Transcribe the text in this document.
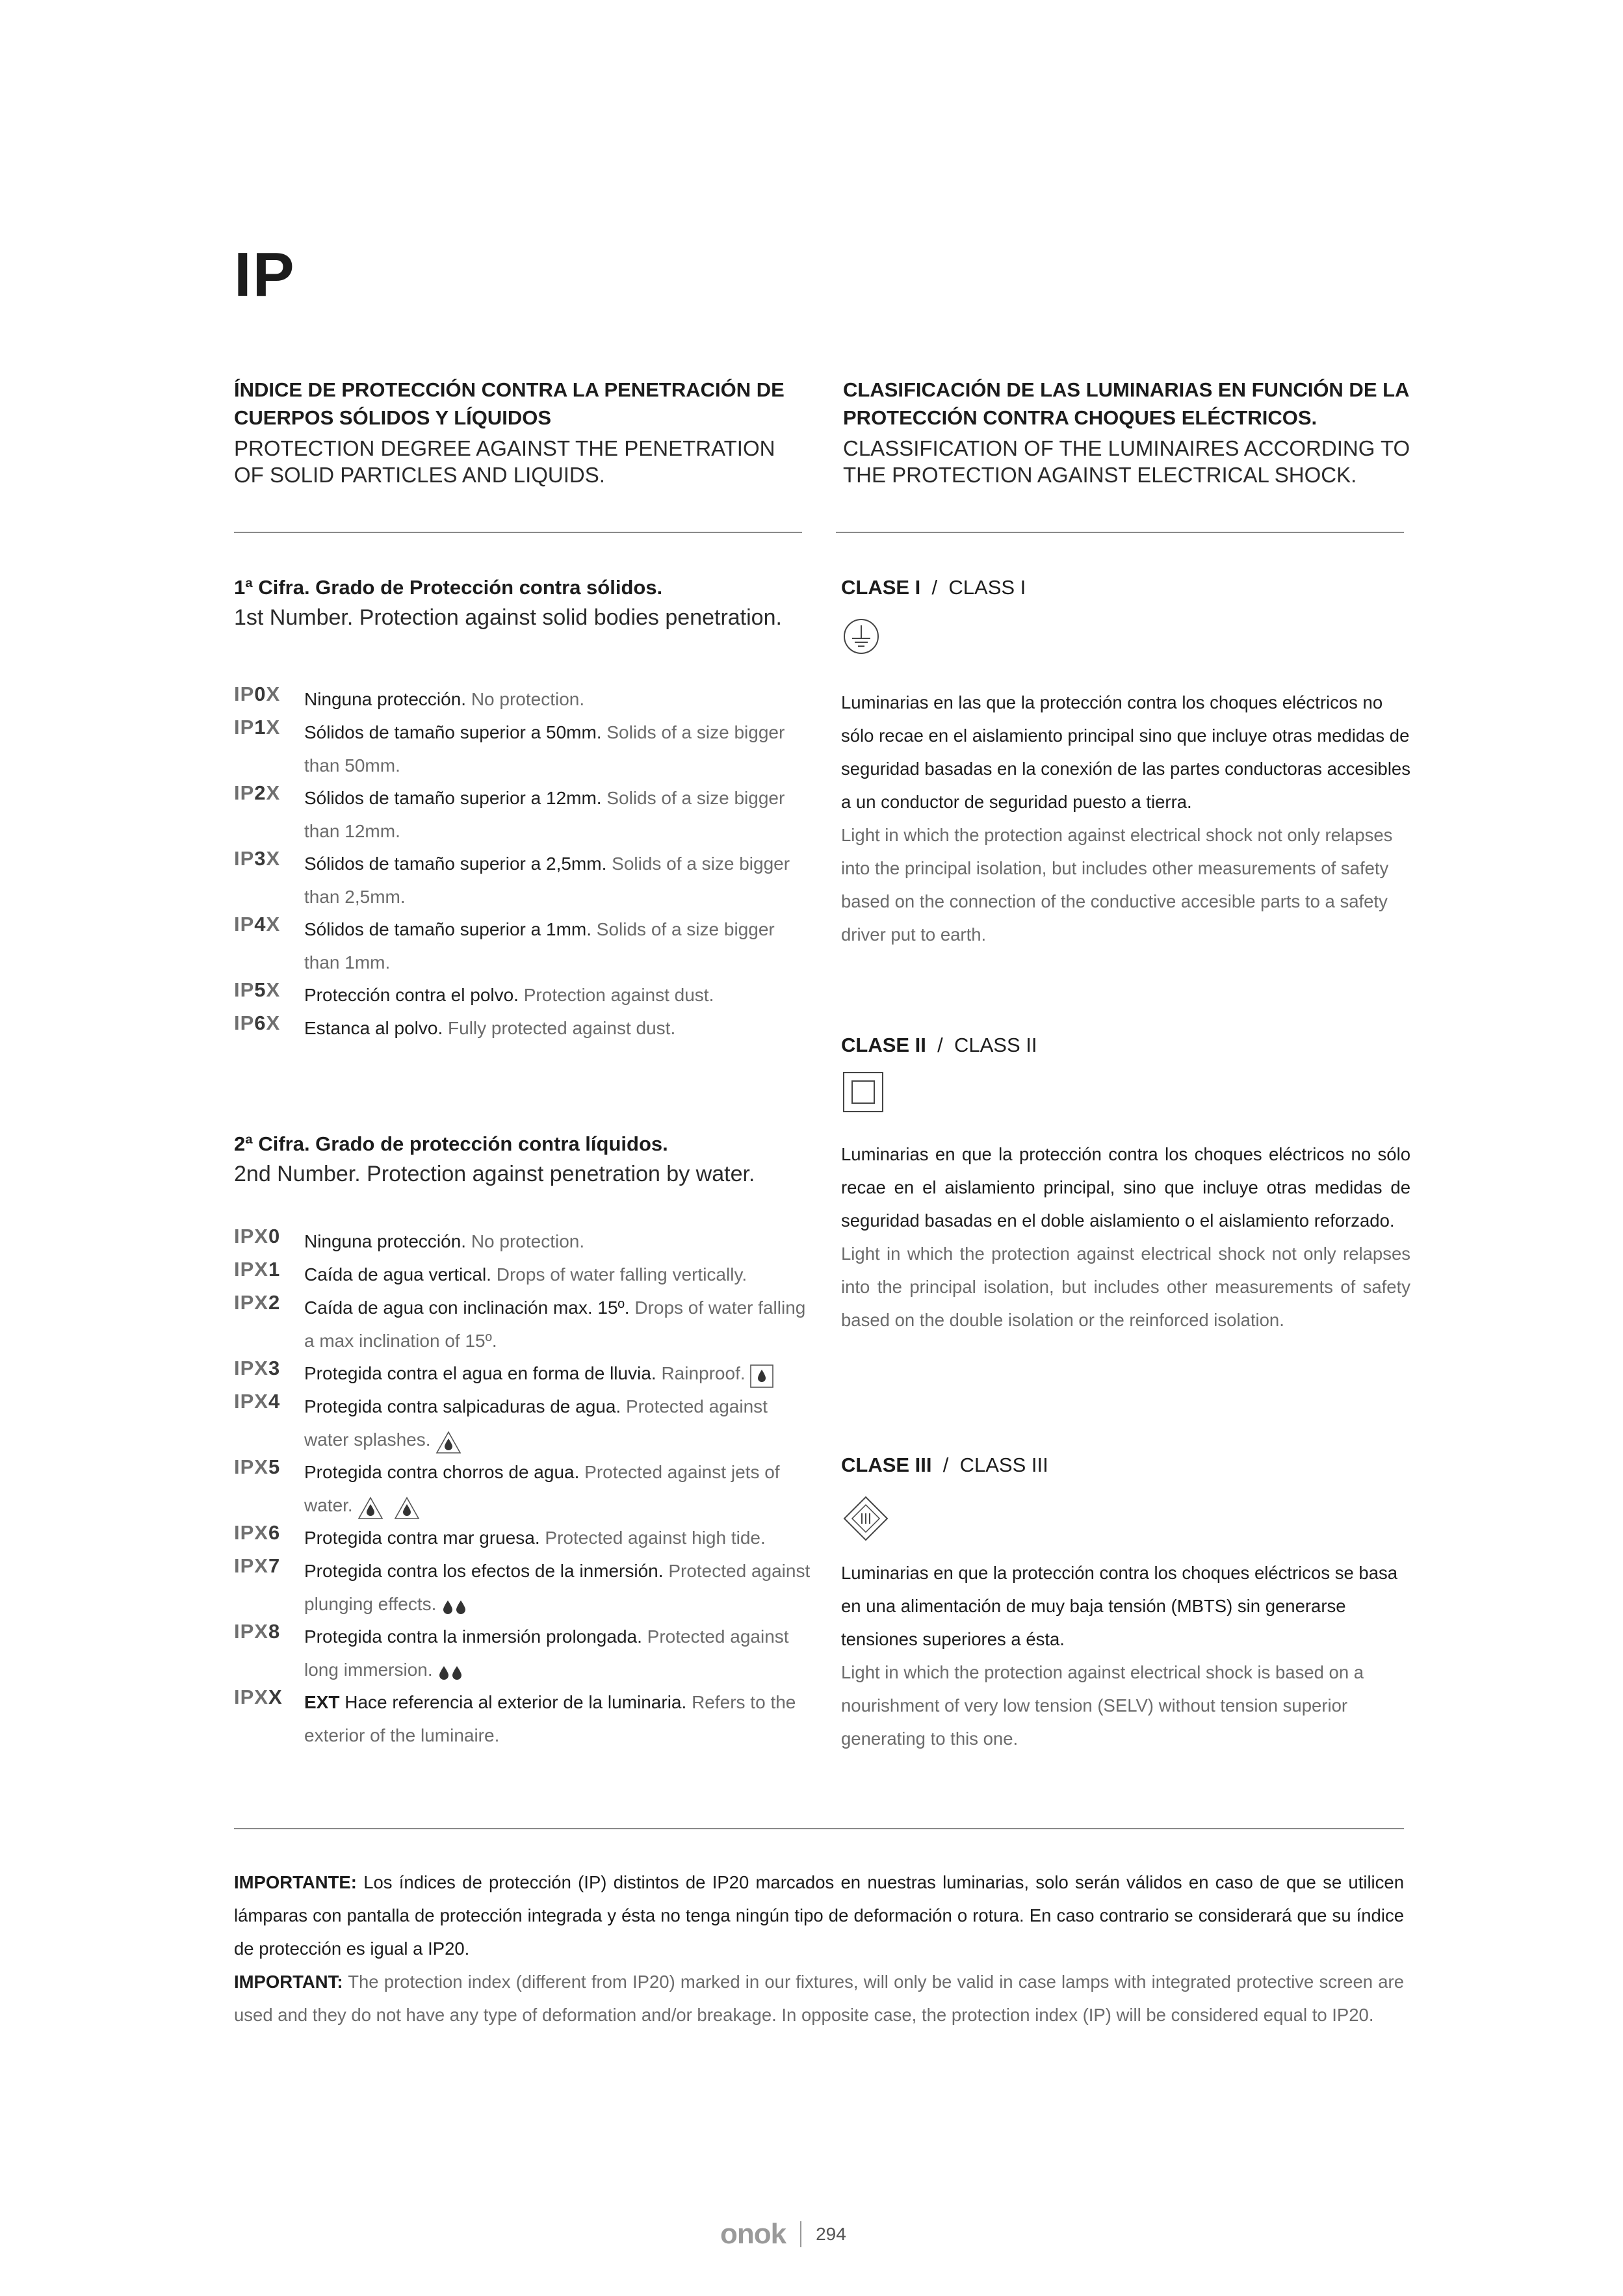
IP
ÍNDICE DE PROTECCIÓN CONTRA LA PENETRACIÓN DE CUERPOS SÓLIDOS Y LÍQUIDOS
PROTECTION DEGREE AGAINST THE PENETRATION OF SOLID PARTICLES AND LIQUIDS.
CLASIFICACIÓN DE LAS LUMINARIAS EN FUNCIÓN DE LA PROTECCIÓN CONTRA CHOQUES ELÉCTRICOS.
CLASSIFICATION OF THE LUMINAIRES ACCORDING TO THE PROTECTION AGAINST ELECTRICAL SHOCK.
1ª Cifra. Grado de Protección contra sólidos.
1st Number. Protection against solid bodies penetration.
IP0X Ninguna protección. No protection.
IP1X Sólidos de tamaño superior a 50mm. Solids of a size bigger than 50mm.
IP2X Sólidos de tamaño superior a 12mm. Solids of a size bigger than 12mm.
IP3X Sólidos de tamaño superior a 2,5mm. Solids of a size bigger than 2,5mm.
IP4X Sólidos de tamaño superior a 1mm. Solids of a size bigger than 1mm.
IP5X Protección contra el polvo. Protection against dust.
IP6X Estanca al polvo. Fully protected against dust.
2ª Cifra. Grado de protección contra líquidos.
2nd Number. Protection against penetration by water.
IPX0 Ninguna protección. No protection.
IPX1 Caída de agua vertical. Drops of water falling vertically.
IPX2 Caída de agua con inclinación max. 15º. Drops of water falling a max inclination of 15º.
IPX3 Protegida contra el agua en forma de lluvia. Rainproof.
IPX4 Protegida contra salpicaduras de agua. Protected against water splashes.
IPX5 Protegida contra chorros de agua. Protected against jets of water.
IPX6 Protegida contra mar gruesa. Protected against high tide.
IPX7 Protegida contra los efectos de la inmersión. Protected against plunging effects.
IPX8 Protegida contra la inmersión prolongada. Protected against long immersion.
IPXX EXT Hace referencia al exterior de la luminaria. Refers to the exterior of the luminaire.
CLASE I / CLASS I
Luminarias en las que la protección contra los choques eléctricos no sólo recae en el aislamiento principal sino que incluye otras medidas de seguridad basadas en la conexión de las partes conductoras accesibles a un conductor de seguridad puesto a tierra.
Light in which the protection against electrical shock not only relapses into the principal isolation, but includes other measurements of safety based on the connection of the conductive accesible parts to a safety driver put to earth.
CLASE II / CLASS II
Luminarias en que la protección contra los choques eléctricos no sólo recae en el aislamiento principal, sino que incluye otras medidas de seguridad basadas en el doble aislamiento o el aislamiento reforzado.
Light in which the protection against electrical shock not only relapses into the principal isolation, but includes other measurements of safety based on the double isolation or the reinforced isolation.
CLASE III / CLASS III
Luminarias en que la protección contra los choques eléctricos se basa en una alimentación de muy baja tensión (MBTS) sin generarse tensiones superiores a ésta.
Light in which the protection against electrical shock is based on a nourishment of very low tension (SELV) without tension superior generating to this one.
IMPORTANTE: Los índices de protección (IP) distintos de IP20 marcados en nuestras luminarias, solo serán válidos en caso de que se utilicen lámparas con pantalla de protección integrada y ésta no tenga ningún tipo de deformación o rotura. En caso contrario se considerará que su índice de protección es igual a IP20.
IMPORTANT: The protection index (different from IP20) marked in our fixtures, will only be valid in case lamps with integrated protective screen are used and they do not have any type of deformation and/or breakage. In opposite case, the protection index (IP) will be considered equal to IP20.
onok 294
